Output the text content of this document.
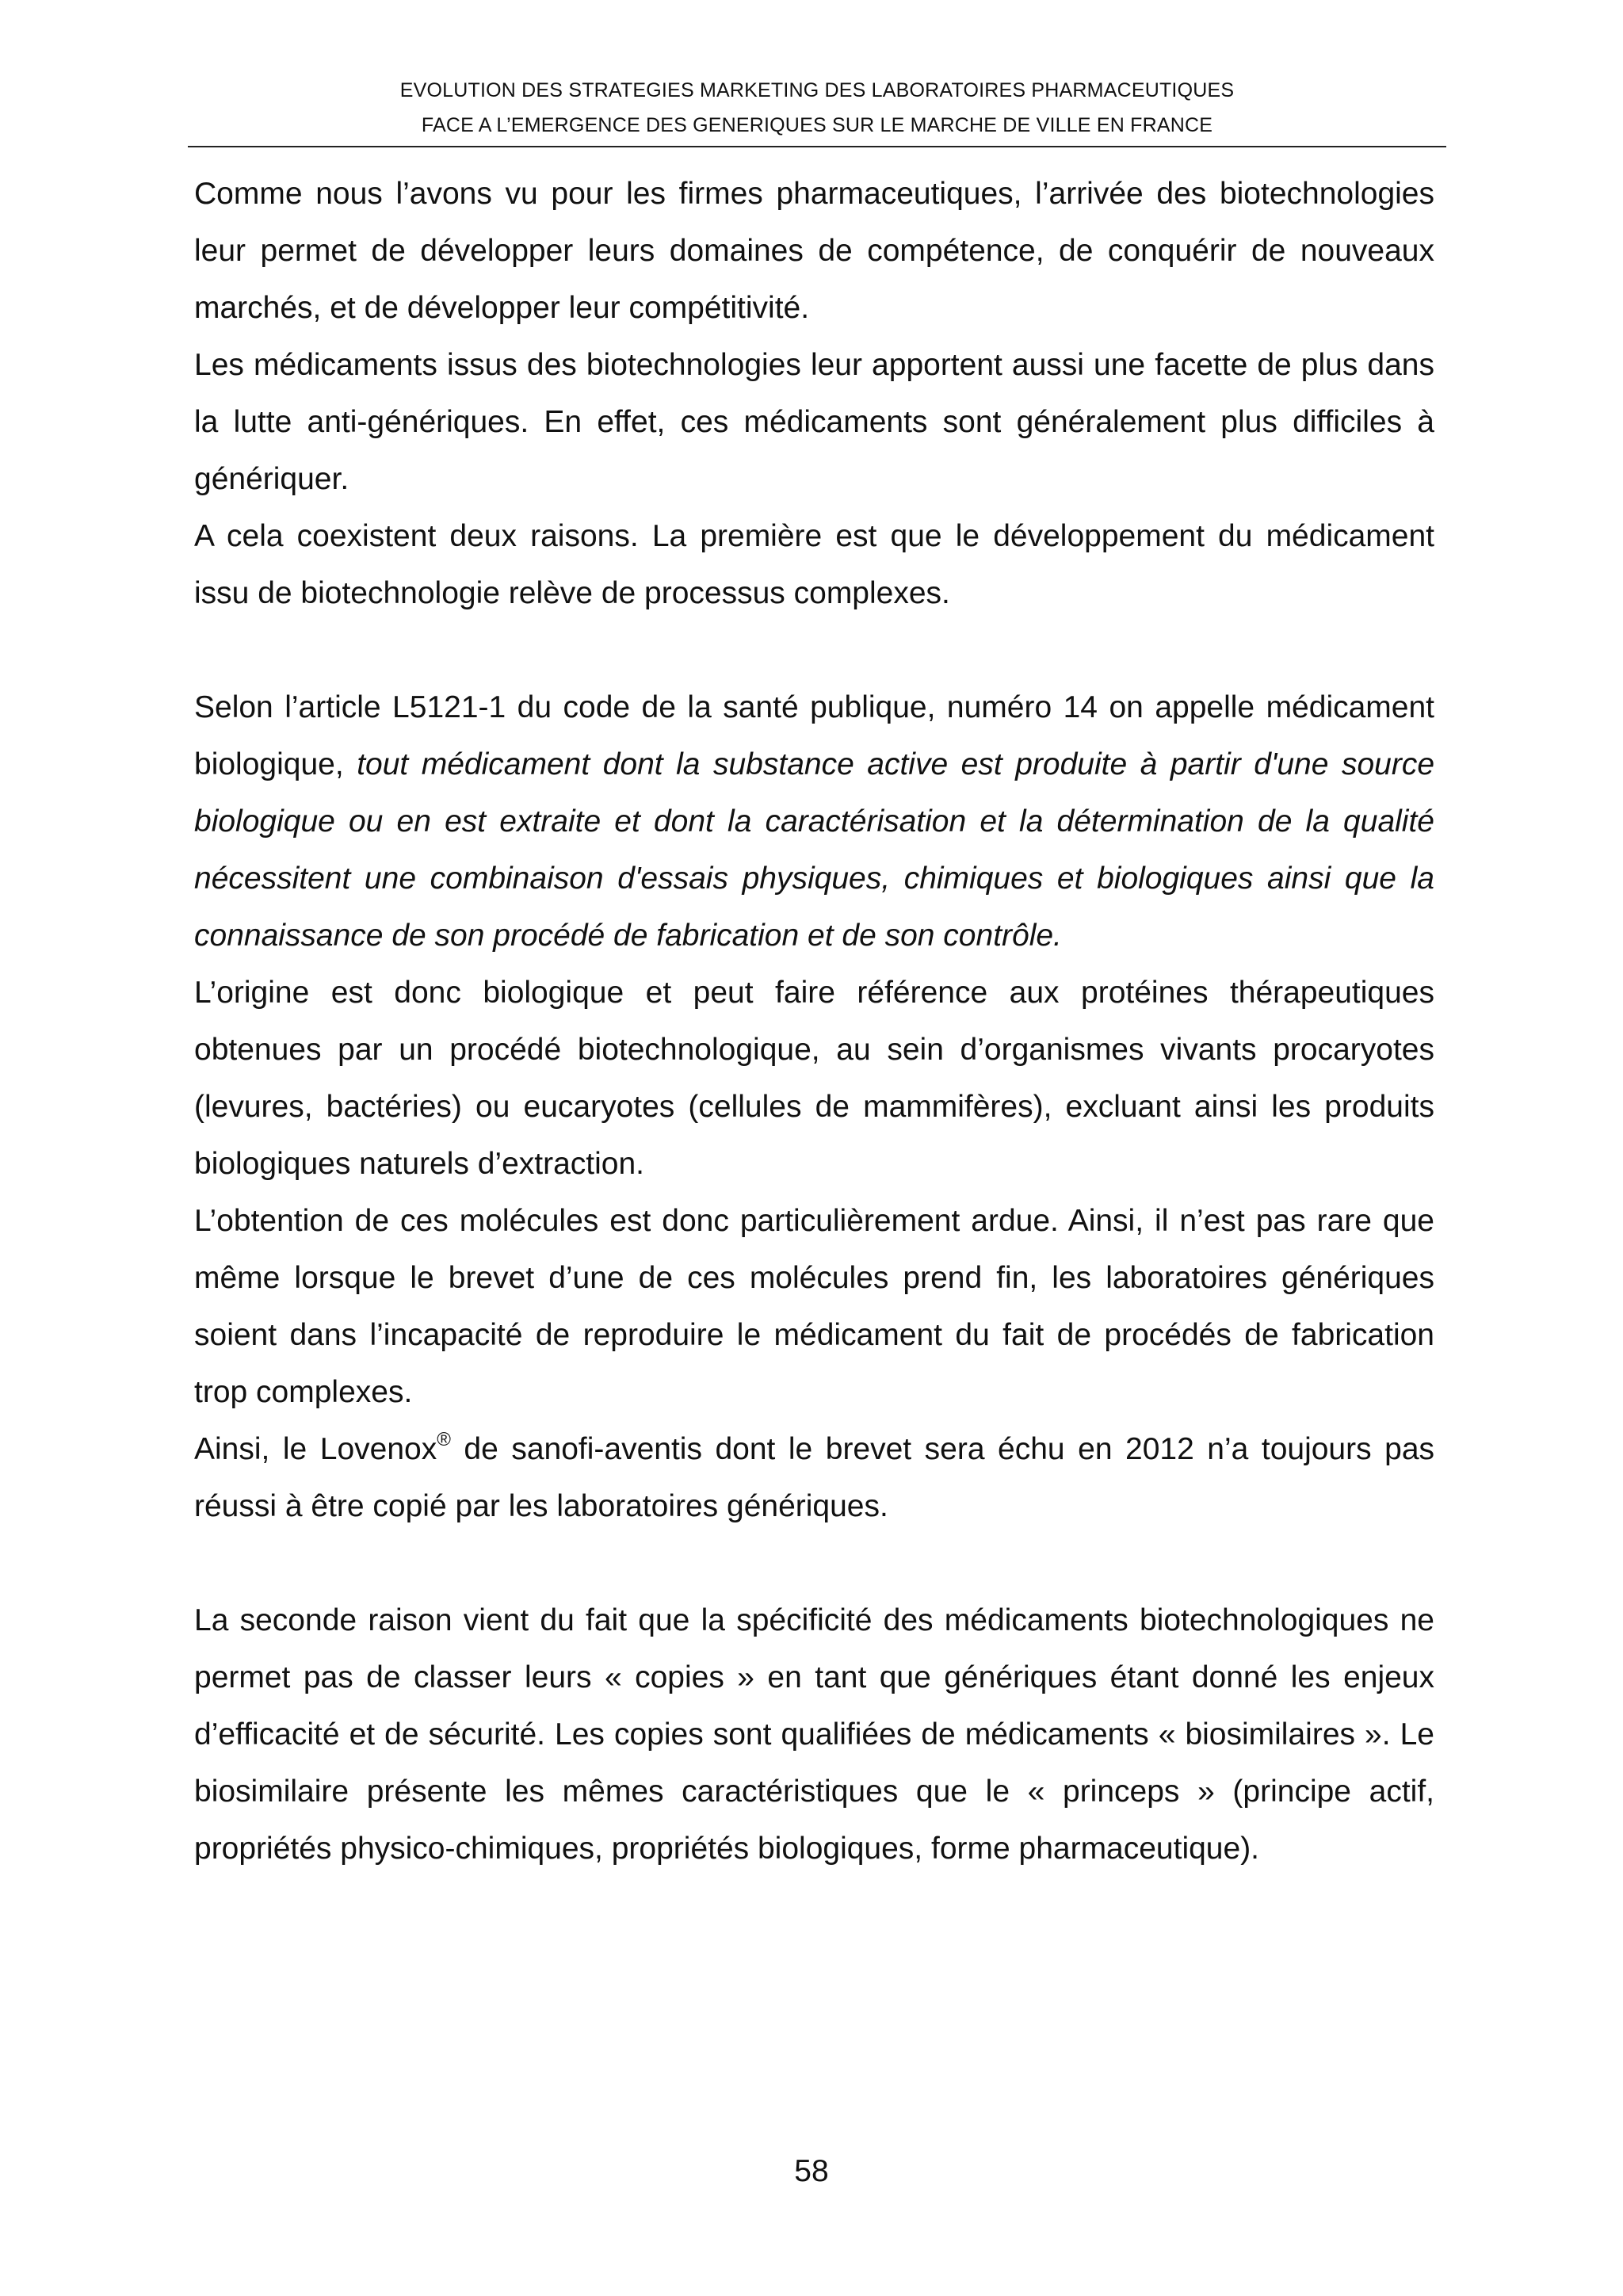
EVOLUTION DES STRATEGIES MARKETING DES LABORATOIRES PHARMACEUTIQUES
FACE A L’EMERGENCE DES GENERIQUES SUR LE MARCHE DE VILLE EN FRANCE

Comme nous l’avons vu pour les firmes pharmaceutiques, l’arrivée des biotechnologies leur permet de développer leurs domaines de compétence, de conquérir de nouveaux marchés, et de développer leur compétitivité.

Les médicaments issus des biotechnologies leur apportent aussi une facette de plus dans la lutte anti-génériques. En effet, ces médicaments sont généralement plus difficiles à génériquer.

A cela coexistent deux raisons. La première est que le développement du médicament issu de biotechnologie relève de processus complexes.

Selon l’article L5121-1 du code de la santé publique, numéro 14 on appelle médicament biologique, tout médicament dont la substance active est produite à partir d'une source biologique ou en est extraite et dont la caractérisation et la détermination de la qualité nécessitent une combinaison d'essais physiques, chimiques et biologiques ainsi que la connaissance de son procédé de fabrication et de son contrôle.

L’origine est donc biologique et peut faire référence aux protéines thérapeutiques obtenues par un procédé biotechnologique, au sein d’organismes vivants procaryotes (levures, bactéries) ou eucaryotes (cellules de mammifères), excluant ainsi les produits biologiques naturels d’extraction.

L’obtention de ces molécules est donc particulièrement ardue. Ainsi, il n’est pas rare que même lorsque le brevet d’une de ces molécules prend fin, les laboratoires génériques soient dans l’incapacité de reproduire le médicament du fait de procédés de fabrication trop complexes.

Ainsi, le Lovenox® de sanofi-aventis dont le brevet sera échu en 2012 n’a toujours pas réussi à être copié par les laboratoires génériques.

La seconde raison vient du fait que la spécificité des médicaments biotechnologiques ne permet pas de classer leurs « copies » en tant que génériques étant donné les enjeux d’efficacité et de sécurité. Les copies sont qualifiées de médicaments « biosimilaires ». Le biosimilaire présente les mêmes caractéristiques que le « princeps » (principe actif, propriétés physico-chimiques, propriétés biologiques, forme pharmaceutique).

58
